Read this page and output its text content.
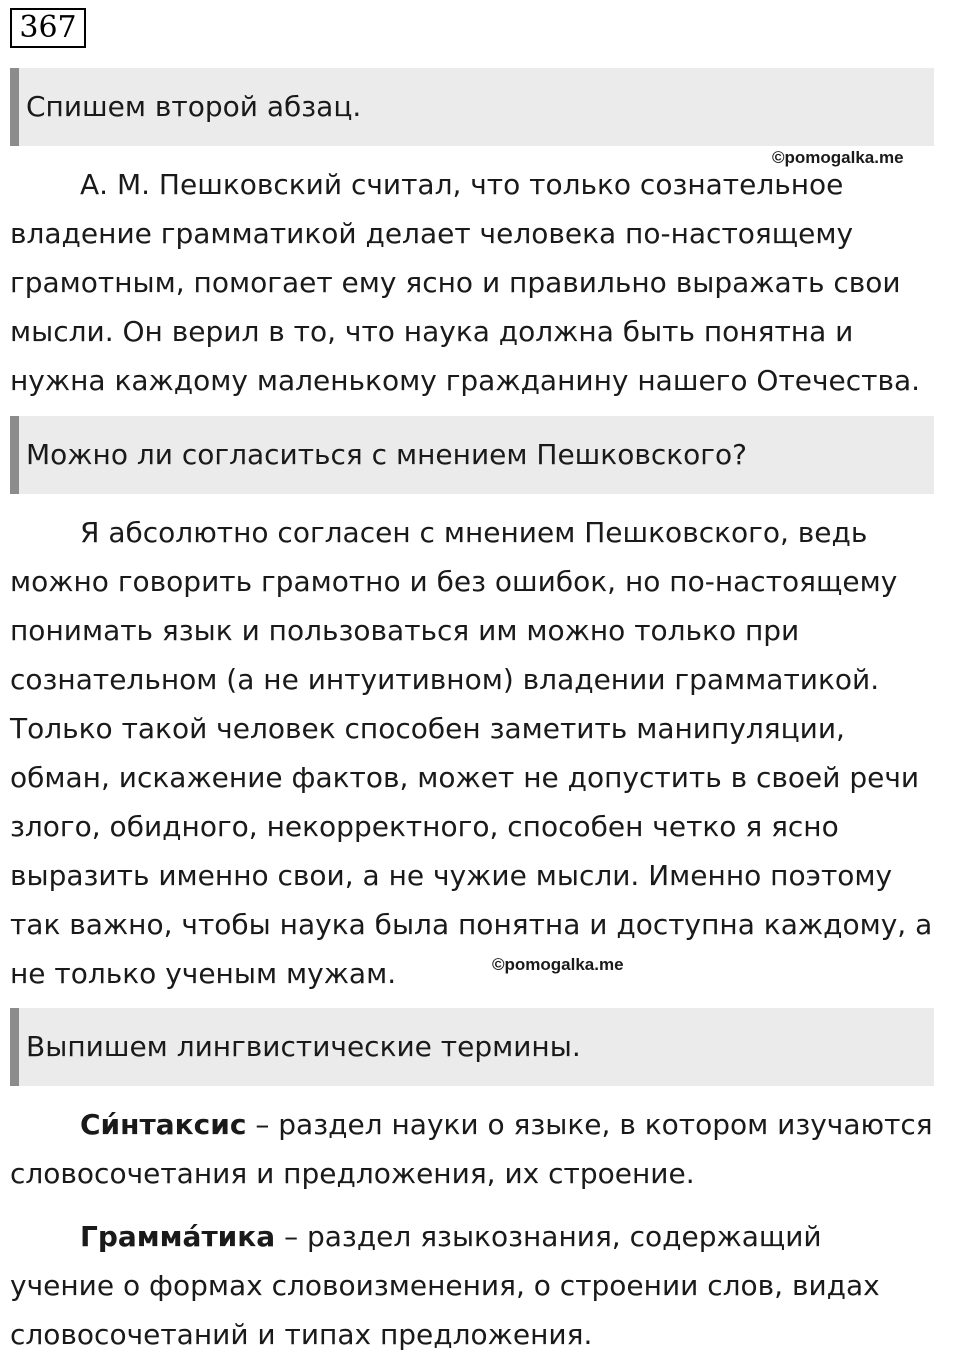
367
Спишем второй абзац.
©pomogalka.me

А. М. Пешковский считал, что только сознательное
владение грамматикой делает человека по-настоящему
грамотным, помогает ему ясно и правильно выражать свои
мысли. Он верил в то, что наука должна быть понятна и
нужна каждому маленькому гражданину нашего Отечества.

Можно ли согласиться с мнением Пешковского?

Я абсолютно согласен с мнением Пешковского, ведь
можно говорить грамотно и без ошибок, но по-настоящему
понимать язык и пользоваться им можно только при
сознательном (а не интуитивном) владении грамматикой.
Только такой человек способен заметить манипуляции,
обман, искажение фактов, может не допустить в своей речи
злого, обидного, некорректного, способен четко я ясно
выразить именно свои, а не чужие мысли. Именно поэтому
так важно, чтобы наука была понятна и доступна каждому, а
не только ученым мужам.	©pomogalka.me
Выпишем лингвистические термины.

Си́нтаксис – раздел науки о языке, в котором изучаются
словосочетания и предложения, их строение.

Грамма́тика – раздел языкознания, содержащий
учение о формах словоизменения, о строении слов, видах
словосочетаний и типах предложения.
